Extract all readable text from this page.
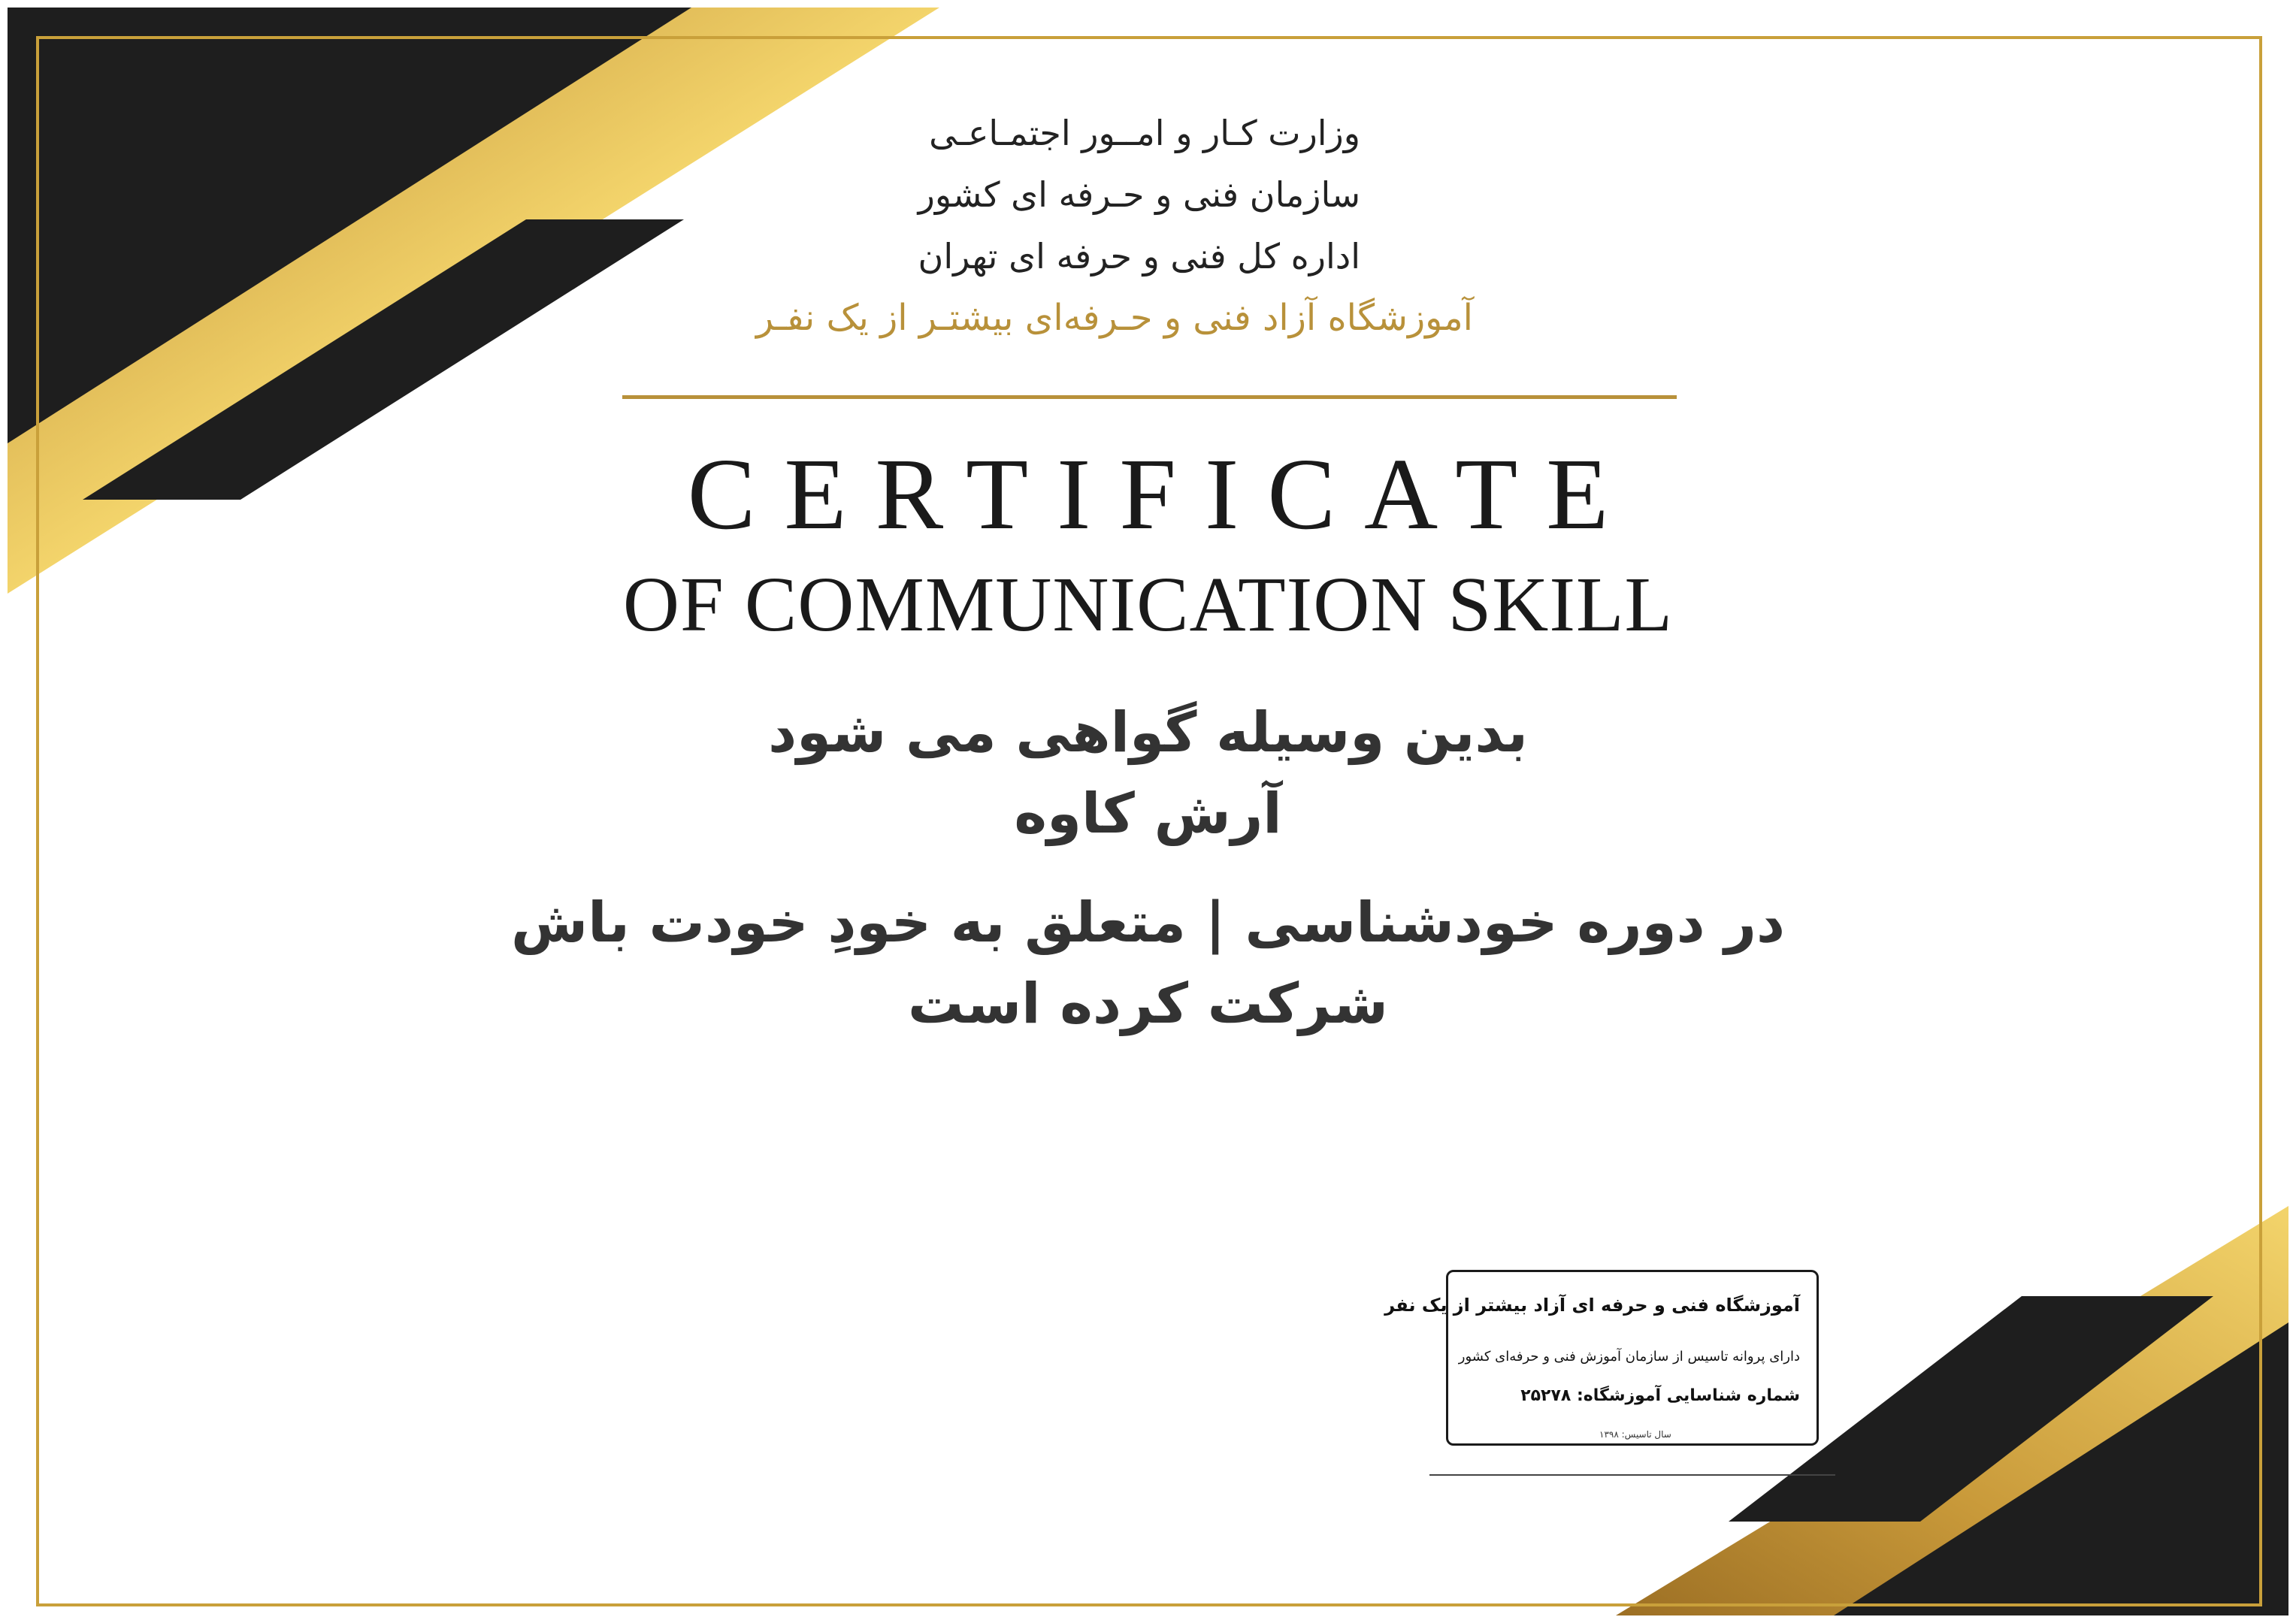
وزارت کـار و امــور اجتمـاعـی
سازمان فنی و حـرفه ای کشور
اداره کل فنی و حرفه ای تهران
آموزشگاه آزاد فنی و حـرفه‌ای بیشتـر از یک نفـر
CERTIFICATE
OF COMMUNICATION SKILL
بدین وسیله گواهی می شود
آرش کاوه
در دوره خودشناسی | متعلق به خودِ خودت باش
شرکت کرده است
آموزشگاه فنی و حرفه ای آزاد بیشتر از یک نفر
دارای پروانه تاسیس از سازمان آموزش فنی و حرفه‌ای کشور
شماره شناسایی آموزشگاه: ۲۵۲۷۸
سال تاسیس: ۱۳۹۸
